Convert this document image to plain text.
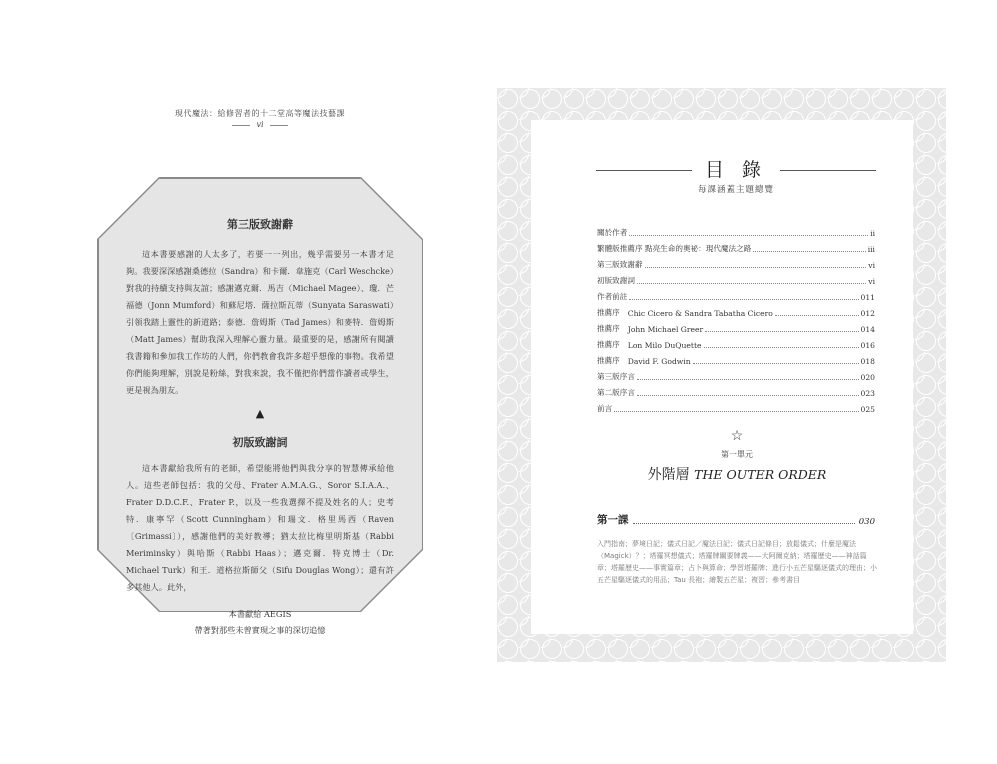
現代魔法：給修習者的十二堂高等魔法技藝課
vi
第三版致謝辭

這本書要感謝的人太多了，若要一一列出，幾乎需要另一本書才足夠。我要深深感謝桑德拉（Sandra）和卡爾．韋施克（Carl Weschcke）對我的持續支持與友誼；感謝邁克爾．馬吉（Michael Magee）、瓊．芒福德（Jonn Mumford）和蘇尼塔．薩拉斯瓦蒂（Sunyata Saraswati）引領我踏上靈性的新道路；泰德．詹姆斯（Tad James）和麥特．詹姆斯（Matt James）幫助我深入理解心靈力量。最重要的是，感謝所有閱讀我書籍和參加我工作坊的人們，你們教會我許多超乎想像的事物。我希望你們能夠理解，別說是粉絲，對我來說，我不僅把你們當作讀者或學生，更是視為朋友。

▲
初版致謝詞

這本書獻給我所有的老師，希望能將他們與我分享的智慧傳承給他人。這些老師包括：我的父母、Frater A.M.A.G.、Soror S.I.A.A.、Frater D.D.C.F.、Frater P.，以及一些我選擇不提及姓名的人；史考特．康寧罕（Scott Cunningham）和瑞文．格里馬西（Raven〔Grimassi〕），感謝他們的美好教導；猶太拉比梅里明斯基（Rabbi Meriminsky）與哈斯（Rabbi Haas）；邁克爾．特克博士（Dr. Michael Turk）和王．道格拉斯師父（Sifu Douglas Wong）；還有許多其他人。此外，

本書獻給 AEGIS
帶著對那些未曾實現之事的深切追憶
目 錄
每課涵蓋主題總覽
關於作者	ii
繁體版推薦序 點亮生命的奧祕：現代魔法之路	iii
第三版致謝辭	vi
初版致謝詞	vi
作者前註	011
推薦序 Chic Cicero & Sandra Tabatha Cicero	012
推薦序 John Michael Greer	014
推薦序 Lon Milo DuQuette	016
推薦序 David F. Godwin	018
第三版序言	020
第二版序言	023
前言	025
☆
第一單元
外階層 THE OUTER ORDER
第一課	030
入門指南；夢境日記；儀式日記／魔法日記；儀式日記條目；放鬆儀式；什麼是魔法（Magick）？；塔羅冥想儀式；塔羅牌關要牌義——大阿爾克納；塔羅歷史——神話篇章；塔羅歷史——事實篇章；占卜與算命；學習塔羅牌；進行小五芒星驅逐儀式的理由；小五芒星驅逐儀式的用品；Tau 長袍；繪製五芒星；複習；參考書目
